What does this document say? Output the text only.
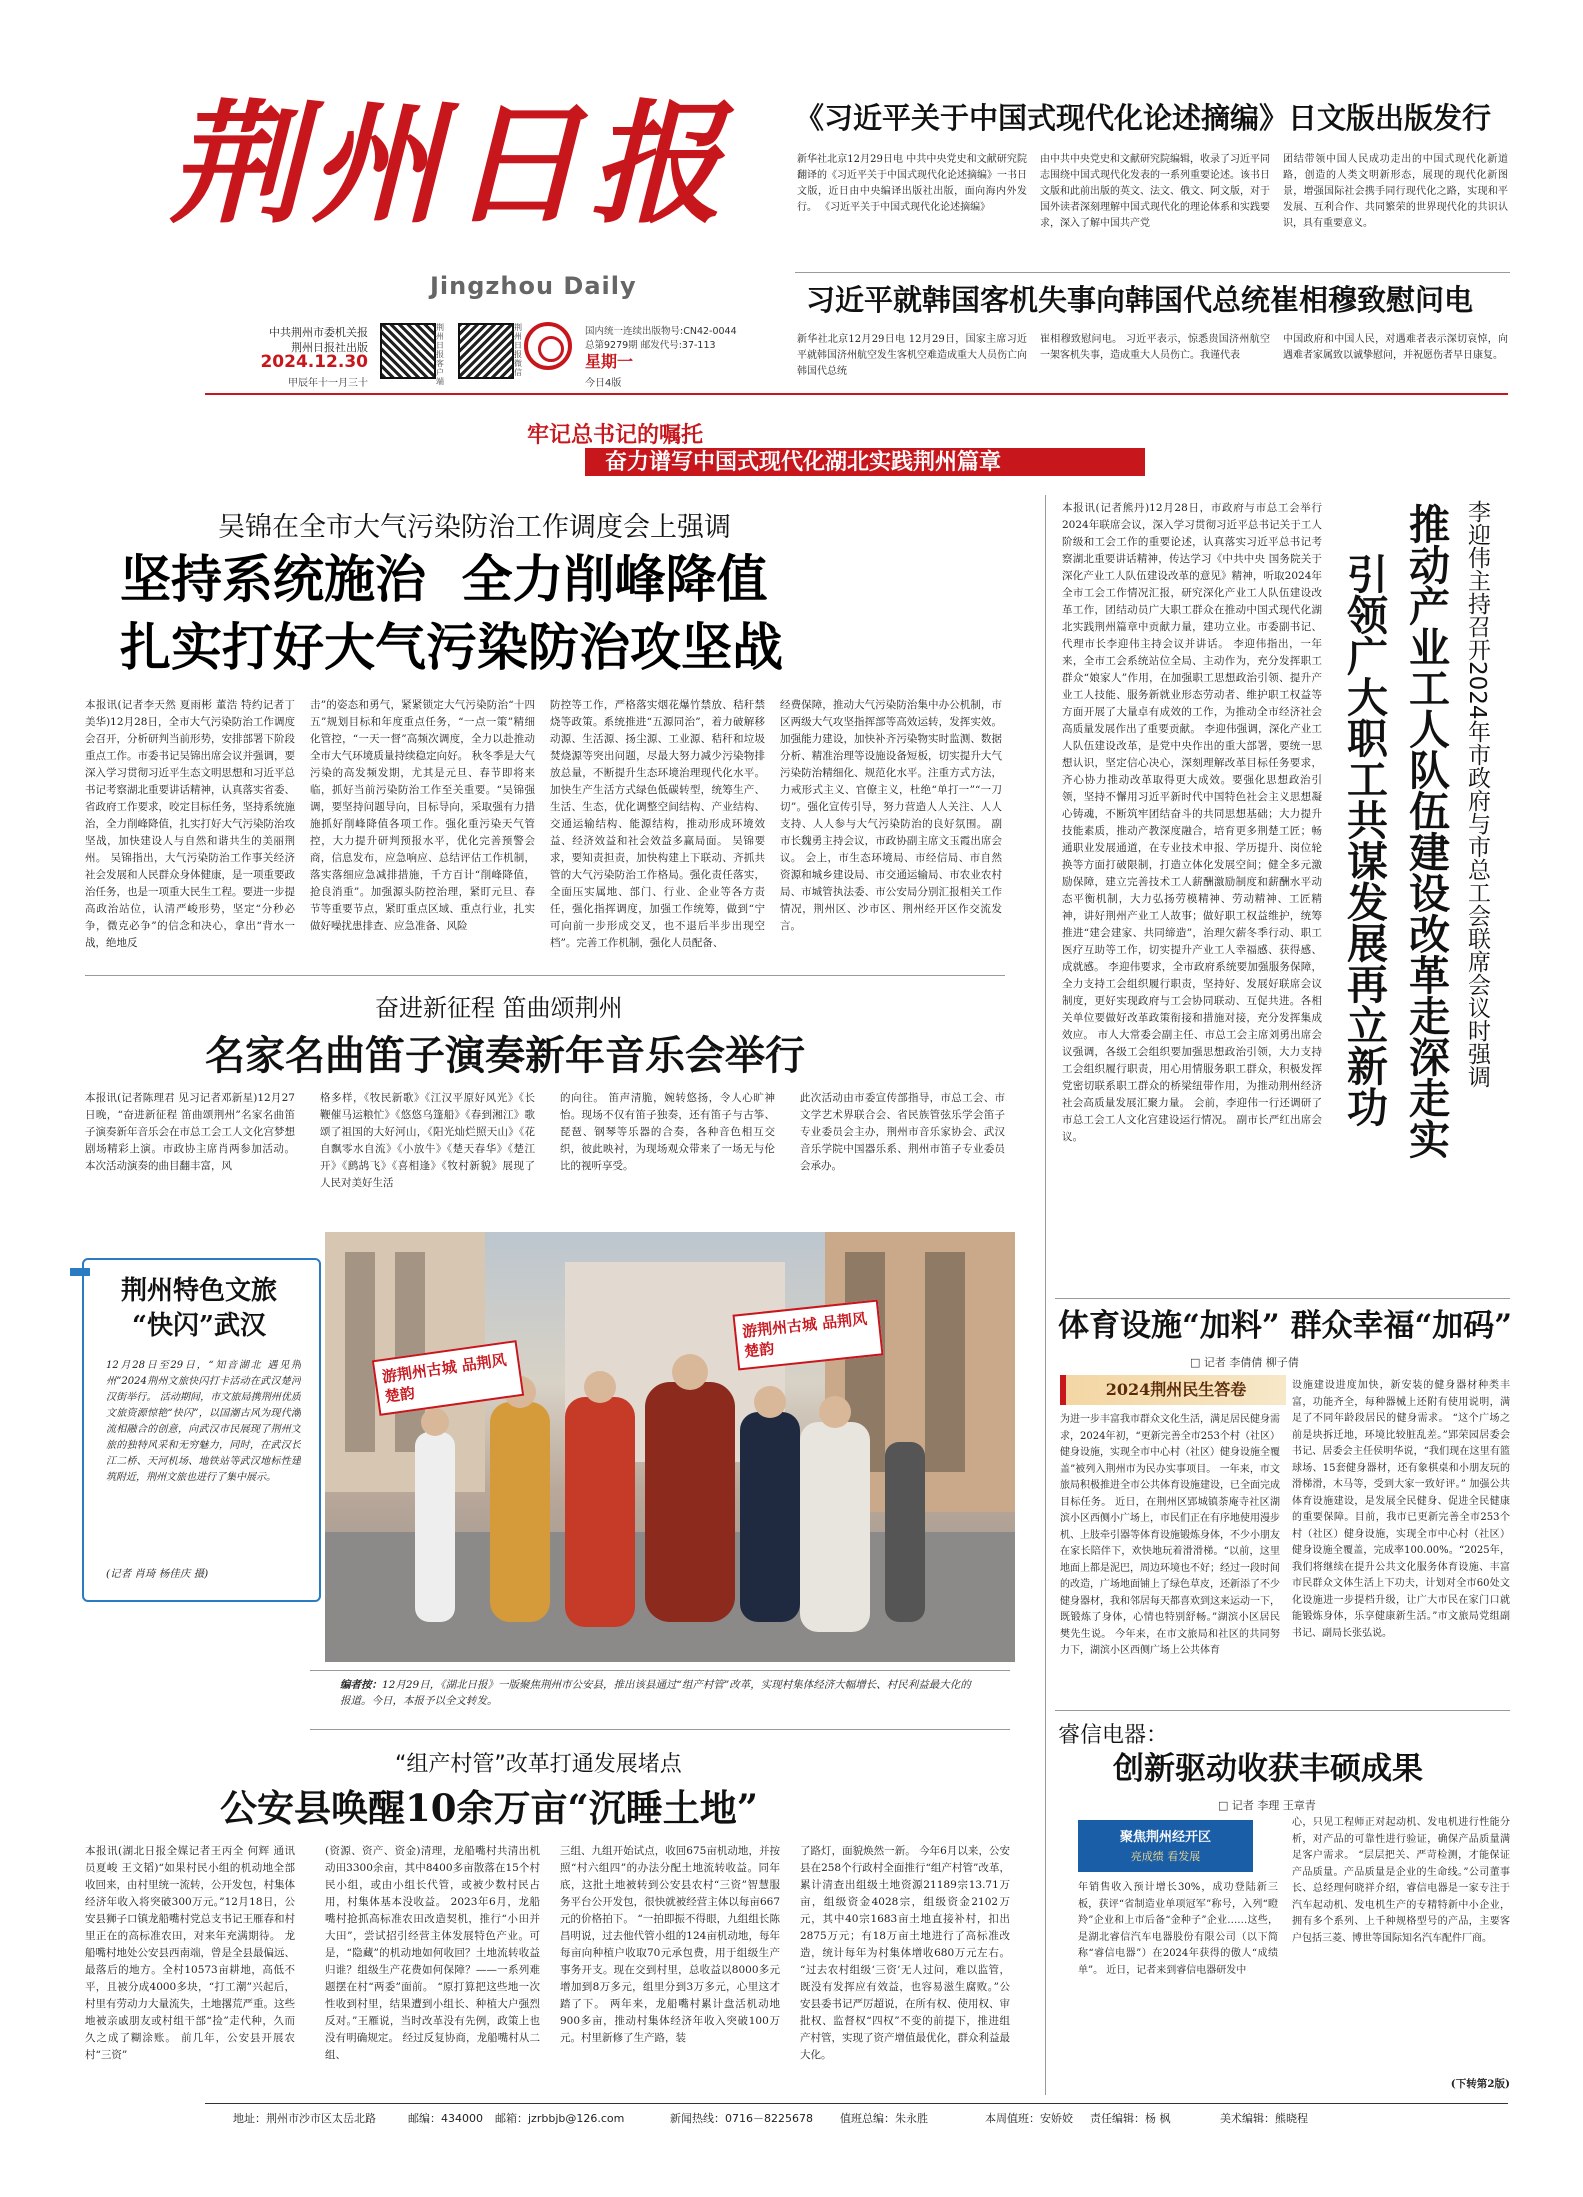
荆州日报
Jingzhou Daily
中共荆州市委机关报
荆州日报社出版
2024.12.30
甲辰年十一月三十
荆州日报客户端
荆州日报微信
星期一
今日4版
国内统一连续出版物号:CN42-0044
总第9279期 邮发代号:37-113
《习近平关于中国式现代化论述摘编》日文版出版发行
新华社北京12月29日电 中共中央党史和文献研究院翻译的《习近平关于中国式现代化论述摘编》一书日文版，近日由中央编译出版社出版，面向海内外发行。 《习近平关于中国式现代化论述摘编》
由中共中央党史和文献研究院编辑，收录了习近平同志围绕中国式现代化发表的一系列重要论述。该书日文版和此前出版的英文、法文、俄文、阿文版，对于国外读者深刻理解中国式现代化的理论体系和实践要求，深入了解中国共产党
团结带领中国人民成功走出的中国式现代化新道路，创造的人类文明新形态，展现的现代化新图景，增强国际社会携手同行现代化之路，实现和平发展、互利合作、共同繁荣的世界现代化的共识认识，具有重要意义。
习近平就韩国客机失事向韩国代总统崔相穆致慰问电
新华社北京12月29日电 12月29日，国家主席习近平就韩国济州航空发生客机空难造成重大人员伤亡向韩国代总统
崔相穆致慰问电。 习近平表示，惊悉贵国济州航空一架客机失事，造成重大人员伤亡。我谨代表
中国政府和中国人民，对遇难者表示深切哀悼，向遇难者家属致以诚挚慰问，并祝愿伤者早日康复。
牢记总书记的嘱托
奋力谱写中国式现代化湖北实践荆州篇章
吴锦在全市大气污染防治工作调度会上强调
坚持系统施治  全力削峰降值
扎实打好大气污染防治攻坚战
本报讯(记者李天然 夏雨彬 董浩 特约记者丁美华)12月28日，全市大气污染防治工作调度会召开，分析研判当前形势，安排部署下阶段重点工作。市委书记吴锦出席会议并强调，要深入学习贯彻习近平生态文明思想和习近平总书记考察湖北重要讲话精神，认真落实省委、省政府工作要求，咬定目标任务，坚持系统施治，全力削峰降值，扎实打好大气污染防治攻坚战，加快建设人与自然和谐共生的美丽荆州。 吴锦指出，大气污染防治工作事关经济社会发展和人民群众身体健康，是一项重要政治任务，也是一项重大民生工程。要进一步提高政治站位，认清严峻形势，坚定“分秒必争，微克必争”的信念和决心，拿出“背水一战，绝地反
击”的姿态和勇气，紧紧锁定大气污染防治“十四五”规划目标和年度重点任务，“一点一策”精细化管控，“一天一督”高频次调度，全力以赴推动全市大气环境质量持续稳定向好。 秋冬季是大气污染的高发频发期，尤其是元旦、春节即将来临，抓好当前污染防治工作至关重要。“吴锦强调，要坚持问题导向，目标导向，采取强有力措施抓好削峰降值各项工作。强化重污染天气管控，大力提升研判预报水平，优化完善预警会商，信息发布，应急响应、总结评估工作机制，落实落细应急减排措施，千方百计“削峰降值，抢良消重”。加强源头防控治理，紧盯元旦、春节等重要节点，紧盯重点区域、重点行业，扎实做好噪扰患排查、应急准备、风险
防控等工作，严格落实烟花爆竹禁放、秸秆禁烧等政策。系统推进“五源同治”，着力破解移动源、生活源、扬尘源、工业源、秸秆和垃圾焚烧源等突出问题，尽最大努力减少污染物排放总量，不断提升生态环境治理现代化水平。加快生产生活方式绿色低碳转型，统筹生产、生活、生态，优化调整空间结构、产业结构、交通运输结构、能源结构，推动形成环境效益、经济效益和社会效益多赢局面。 吴锦要求，要知责担责，加快构建上下联动、齐抓共管的大气污染防治工作格局。强化责任落实，全面压实属地、部门、行业、企业等各方责任，强化指挥调度，加强工作统筹，做到“宁可向前一步形成交叉，也不退后半步出现空档”。完善工作机制，强化人员配备、
经费保障，推动大气污染防治集中办公机制，市区两级大气攻坚指挥部等高效运转，发挥实效。加强能力建设，加快补齐污染物实时监测、数据分析、精准治理等设施设备短板，切实提升大气污染防治精细化、规范化水平。注重方式方法，力戒形式主义、官僚主义，杜绝“单打一”“一刀切”。强化宣传引导，努力营造人人关注、人人支持、人人参与大气污染防治的良好氛围。 副市长魏勇主持会议，市政协副主席文玉霞出席会议。 会上，市生态环境局、市经信局、市自然资源和城乡建设局、市交通运输局、市农业农村局、市城管执法委、市公安局分别汇报相关工作情况，荆州区、沙市区、荆州经开区作交流发言。
奋进新征程 笛曲颂荆州
名家名曲笛子演奏新年音乐会举行
本报讯(记者陈理君 见习记者邓新星)12月27日晚，“奋进新征程 笛曲颂荆州”名家名曲笛子演奏新年音乐会在市总工会工人文化宫梦想剧场精彩上演。市政协主席肖两参加活动。 本次活动演奏的曲目翻丰富，风
格多样，《牧民新歌》《江汉平原好风光》《长鞭催马运粮忙》《悠悠乌篷船》《春到湘江》歌颂了祖国的大好河山，《阳光灿烂照天山》《花自飘零水自流》《小放牛》《楚天春华》《楚江开》《鹧鸪飞》《喜相逢》《牧村新貌》展现了人民对美好生活
的向往。 笛声清脆，婉转悠扬，令人心旷神怡。现场不仅有笛子独奏，还有笛子与古筝、琵琶、钢琴等乐器的合奏，各种音色相互交织，彼此映衬，为现场观众带来了一场无与伦比的视听享受。
此次活动由市委宣传部指导，市总工会、市文学艺术界联合会、省民族管弦乐学会笛子专业委员会主办，荆州市音乐家协会、武汉音乐学院中国器乐系、荆州市笛子专业委员会承办。
荆州特色文旅
“快闪”武汉
12月28日至29日，“知音湖北 遇见荆州”2024荆州文旅快闪打卡活动在武汉楚河汉街举行。 活动期间，市文旅局携荆州优质文旅资源惊艳“快闪”，以国潮古风为现代潮流相融合的创意，向武汉市民展现了荆州文旅的独特风采和无穷魅力，同时，在武汉长江二桥、天河机场、地铁站等武汉地标性建筑附近，荆州文旅也进行了集中展示。
(记者 肖琦 杨佳庆 摄)
游荆州古城 品荆风楚韵
游荆州古城 品荆风楚韵
编者按：12月29日，《湖北日报》一版聚焦荆州市公安县，推出该县通过“组产村管”改革，实现村集体经济大幅增长、村民利益最大化的报道。今日，本报予以全文转发。
“组产村管”改革打通发展堵点
公安县唤醒10余万亩“沉睡土地”
本报讯(湖北日报全媒记者王丙全 何辉 通讯员夏峻 王文韬)“如果村民小组的机动地全部收回来，由村里统一流转，公开发包，村集体经济年收入将突破300万元。”12月18日，公安县狮子口镇龙船嘴村党总支书记王雁春和村里正在的高标准农田，对来年充满期待。 龙船嘴村地处公安县西南端，曾是全县最偏远、最落后的地方。全村10573亩耕地，高低不平，且被分成4000多块，“打工潮”兴起后，村里有劳动力大量流失，土地撂荒严重。这些地被亲戚朋友或村组干部“捡”走代种，久而久之成了糊涂账。 前几年，公安县开展农村“三资”
(资源、资产、资金)清理，龙船嘴村共清出机动田3300余亩，其中8400多亩散落在15个村民小组，或由小组长代管，或被少数村民占用，村集体基本没收益。 2023年6月，龙船嘴村抢抓高标准农田改造契机，推行“小田并大田”，尝试招引经营主体发展特色产业。可是，“隐藏”的机动地如何收回？土地流转收益归谁？组级生产花费如何保障？——一系列难题摆在村“两委”面前。 “原打算把这些地一次性收到村里，结果遭到小组长、种植大户强烈反对。”王雁说，当时改革没有先例，政策上也没有明确规定。 经过反复协商，龙船嘴村从二组、
三组、九组开始试点，收回675亩机动地，并按照“村六组四”的办法分配土地流转收益。同年底，这批土地被转到公安县农村“三资”智慧服务平台公开发包，很快就被经营主体以每亩667元的价格拍下。 “一拍即振不得眼，九组组长陈昌明说，过去他代管小组的124亩机动地，每年每亩向种植户收取70元承包费，用于组级生产事务开支。现在交到村里，总收益以8000多元增加到8万多元，组里分到3万多元，心里这才踏了下。 两年来，龙船嘴村累计盘活机动地900多亩，推动村集体经济年收入突破100万元。村里新修了生产路，装
了路灯，面貌焕然一新。 今年6月以来，公安县在258个行政村全面推行“组产村管”改革，累计清查出组级土地资源21189宗13.71万亩，组级资金4028宗，组级资金2102万元，其中40宗1683亩土地直接补村，扣出2875万元；有18万亩土地进行了高标准改造，统计每年为村集体增收680万元左右。 “过去农村组级‘三资’无人过问，难以监管，既没有发挥应有效益，也容易滋生腐败。”公安县委书记严厉超说，在所有权、使用权、审批权、监督权“四权”不变的前提下，推进组产村管，实现了资产增值最优化，群众利益最大化。
本报讯(记者熊丹)12月28日，市政府与市总工会举行2024年联席会议，深入学习贯彻习近平总书记关于工人阶级和工会工作的重要论述，认真落实习近平总书记考察湖北重要讲话精神，传达学习《中共中央 国务院关于深化产业工人队伍建设改革的意见》精神，听取2024年全市工会工作情况汇报，研究深化产业工人队伍建设改革工作，团结动员广大职工群众在推动中国式现代化湖北实践荆州篇章中贡献力量，建功立业。市委副书记、代理市长李迎伟主持会议并讲话。 李迎伟指出，一年来，全市工会系统站位全局、主动作为，充分发挥职工群众“娘家人”作用，在加强职工思想政治引领、提升产业工人技能、服务新就业形态劳动者、维护职工权益等方面开展了大量卓有成效的工作，为推动全市经济社会高质量发展作出了重要贡献。 李迎伟强调，深化产业工人队伍建设改革，是党中央作出的重大部署，要统一思想认识，坚定信心决心，深刻理解改革目标任务要求，齐心协力推动改革取得更大成效。要强化思想政治引领，坚持不懈用习近平新时代中国特色社会主义思想凝心铸魂，不断筑牢团结奋斗的共同思想基础；大力提升技能素质，推动产教深度融合，培育更多荆楚工匠；畅通职业发展通道，在专业技术申报、学历提升、岗位轮换等方面打破限制，打造立体化发展空间；健全多元激励保障，建立完善技术工人薪酬激励制度和薪酬水平动态平衡机制，大力弘扬劳模精神、劳动精神、工匠精神，讲好荆州产业工人故事；做好职工权益维护，统筹推进“建会建家、共同缔造”，治理欠薪冬季行动、职工医疗互助等工作，切实提升产业工人幸福感、获得感、成就感。 李迎伟要求，全市政府系统要加强服务保障，全力支持工会组织履行职责，坚持好、发展好联席会议制度，更好实现政府与工会协同联动、互促共进。各相关单位要做好改革政策衔接和措施对接，充分发挥集成效应。 市人大常委会副主任、市总工会主席刘勇出席会议强调，各级工会组织要加强思想政治引领，大力支持工会组织履行职责，用心用情服务职工群众，积极发挥党密切联系职工群众的桥梁纽带作用，为推动荆州经济社会高质量发展汇聚力量。 会前，李迎伟一行还调研了市总工会工人文化宫建设运行情况。 副市长严红出席会议。
李迎伟主持召开2024年市政府与市总工会联席会议时强调
推动产业工人队伍建设改革走深走实
引领广大职工共谋发展再立新功
体育设施“加料” 群众幸福“加码”
□ 记者 李倩倩 柳子倩
2024荆州民生答卷
为进一步丰富我市群众文化生活，满足居民健身需求，2024年初，“更新完善全市253个村（社区）健身设施，实现全市中心村（社区）健身设施全覆盖”被列入荆州市为民办实事项目。 一年来，市文旅局积极推进全市公共体育设施建设，已全面完成目标任务。 近日，在荆州区郢城镇荼庵寺社区湖滨小区西侧小广场上，市民们正在有序地使用漫步机、上肢牵引器等体育设施锻炼身体，不少小朋友在家长陪伴下，欢快地玩着滑滑梯。“以前，这里地面上都是泥巴，周边环境也不好；经过一段时间的改造，广场地面铺上了绿色草皮，还新添了不少健身器材，我和邻居每天都喜欢到这来运动一下，既锻炼了身体，心情也特别舒畅。”湖滨小区居民樊先生说。 今年来，在市文旅局和社区的共同努力下，湖滨小区西侧广场上公共体育
设施建设进度加快，新安装的健身器材种类丰富，功能齐全，每种器械上还附有使用说明，满足了不同年龄段居民的健身需求。 “这个广场之前是块拆迁地，环境比较脏乱差。”郢荣园居委会书记、居委会主任侯明华说，“我们现在这里有篮球场、15套健身器材，还有象棋桌和小朋友玩的滑梯滑，木马等，受到大家一致好评。” 加强公共体育设施建设，是发展全民健身、促进全民健康的重要保障。目前，我市已更新完善全市253个村（社区）健身设施，实现全市中心村（社区）健身设施全覆盖，完成率100.00%。“2025年，我们将继续在提升公共文化服务体育设施、丰富市民群众文体生活上下功夫，计划对全市60处文化设施进一步提档升级，让广大市民在家门口就能锻炼身体，乐享健康新生活。”市文旅局党组副书记、副局长张弘说。
睿信电器：
创新驱动收获丰硕成果
□ 记者 李理 王章青
聚焦荆州经开区
亮成绩 看发展
年销售收入预计增长30%，成功登陆新三板，获评“省制造业单项冠军”称号，入列“瞪羚”企业和上市后备“金种子”企业……这些，是湖北睿信汽车电器股份有限公司（以下简称“睿信电器”）在2024年获得的傲人“成绩单”。 近日，记者来到睿信电器研发中
心，只见工程师正对起动机、发电机进行性能分析，对产品的可靠性进行验证，确保产品质量满足客户需求。 “层层把关、严苛检测，才能保证产品质量。产品质量是企业的生命线。”公司董事长、总经理何晓祥介绍，睿信电器是一家专注于汽车起动机、发电机生产的专精特新中小企业，拥有多个系列、上千种规格型号的产品，主要客户包括三菱、博世等国际知名汽车配件厂商。
(下转第2版)
地址：荆州市沙市区太岳北路	邮编：434000 邮箱：jzrbbjb@126.com	新闻热线：0716－8225678 值班总编：朱永胜	本周值班：安娇姣 责任编辑：杨 枫	美术编辑：熊晓程
